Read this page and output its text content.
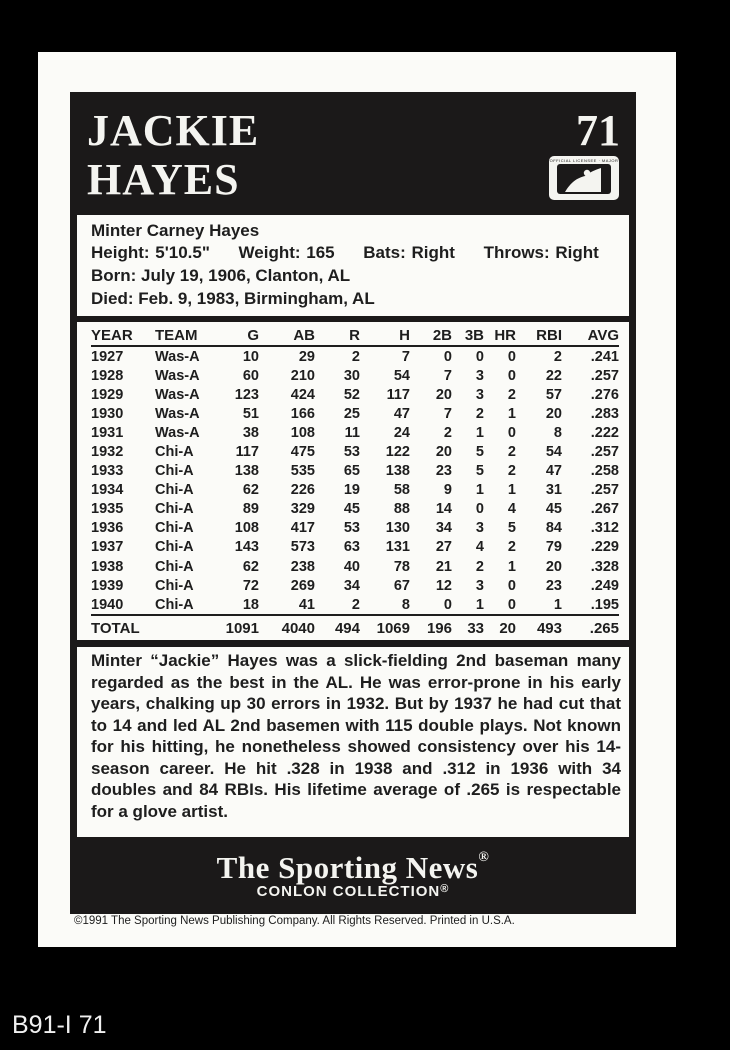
JACKIE
HAYES
71
OFFICIAL LICENSEE · MAJOR
Minter Carney Hayes
Height: 5'10.5" Weight: 165 Bats: Right Throws: Right
Born: July 19, 1906, Clanton, AL
Died: Feb. 9, 1983, Birmingham, AL
YEAR	TEAM	G	AB	R	H	2B	3B	HR	RBI	AVG
1927	Was-A	10	29	2	7	0	0	0	2	.241
1928	Was-A	60	210	30	54	7	3	0	22	.257
1929	Was-A	123	424	52	117	20	3	2	57	.276
1930	Was-A	51	166	25	47	7	2	1	20	.283
1931	Was-A	38	108	11	24	2	1	0	8	.222
1932	Chi-A	117	475	53	122	20	5	2	54	.257
1933	Chi-A	138	535	65	138	23	5	2	47	.258
1934	Chi-A	62	226	19	58	9	1	1	31	.257
1935	Chi-A	89	329	45	88	14	0	4	45	.267
1936	Chi-A	108	417	53	130	34	3	5	84	.312
1937	Chi-A	143	573	63	131	27	4	2	79	.229
1938	Chi-A	62	238	40	78	21	2	1	20	.328
1939	Chi-A	72	269	34	67	12	3	0	23	.249
1940	Chi-A	18	41	2	8	0	1	0	1	.195
TOTAL		1091	4040	494	1069	196	33	20	493	.265

Minter “Jackie” Hayes was a slick-fielding 2nd baseman many regarded as the best in the AL. He was error-prone in his early years, chalking up 30 errors in 1932. But by 1937 he had cut that to 14 and led AL 2nd basemen with 115 double plays. Not known for his hitting, he nonetheless showed consistency over his 14-season career. He hit .328 in 1938 and .312 in 1936 with 34 doubles and 84 RBIs. His lifetime average of .265 is respectable for a glove artist.

The Sporting News®
CONLON COLLECTION®
©1991 The Sporting News Publishing Company. All Rights Reserved. Printed in U.S.A.
B91-I 71
